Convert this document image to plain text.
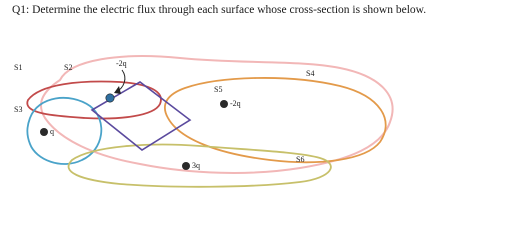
Q1: Determine the electric flux through each surface whose cross-section is shown below.
S1	S2
S3
S4
S5
S6
q
-2q
-2q
3q
